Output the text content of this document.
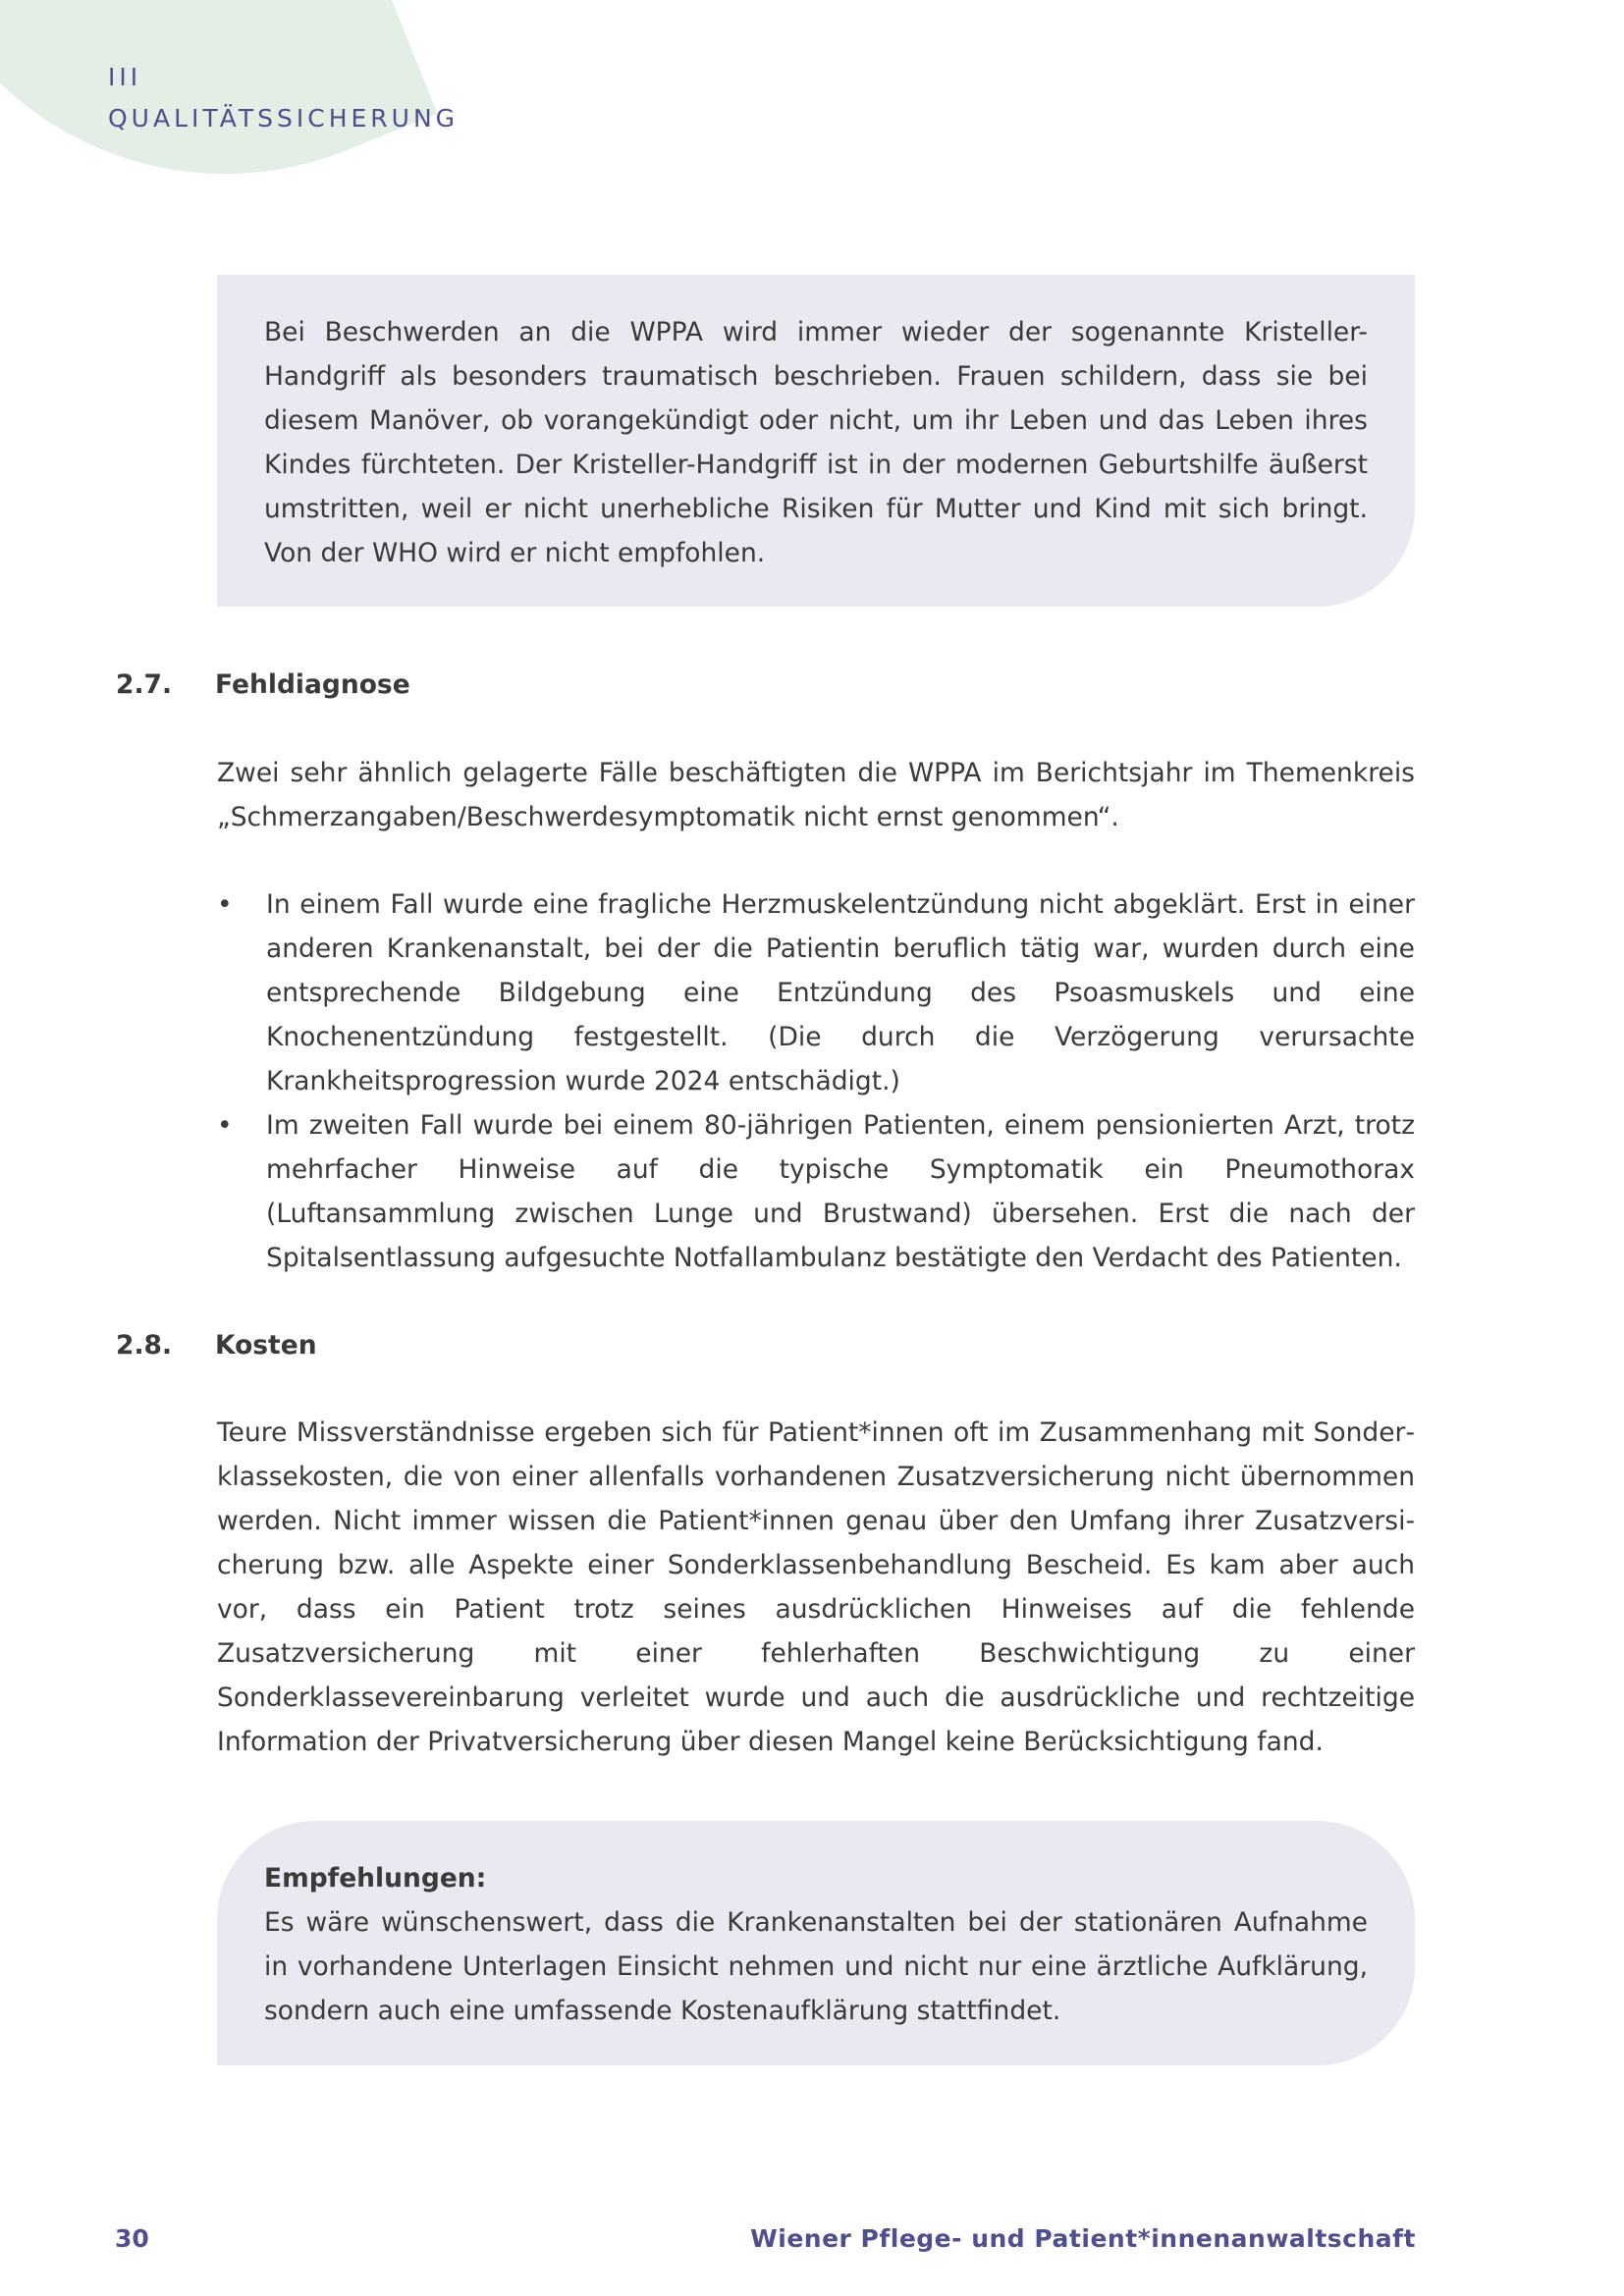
III
QUALITÄTSSICHERUNG

Bei Beschwerden an die WPPA wird immer wieder der sogenannte Kristeller-Handgriff als besonders traumatisch beschrieben. Frauen schildern, dass sie bei diesem Manöver, ob vorangekündigt oder nicht, um ihr Leben und das Leben ihres Kindes fürchteten. Der Kristeller-Handgriff ist in der modernen Geburtshilfe äußerst umstritten, weil er nicht unerhebliche Risiken für Mutter und Kind mit sich bringt. Von der WHO wird er nicht empfohlen.

2.7. Fehldiagnose

Zwei sehr ähnlich gelagerte Fälle beschäftigten die WPPA im Berichtsjahr im Themenkreis „Schmerzangaben/Beschwerdesymptomatik nicht ernst genommen“.

• In einem Fall wurde eine fragliche Herzmuskelentzündung nicht abgeklärt. Erst in einer anderen Krankenanstalt, bei der die Patientin beruflich tätig war, wurden durch eine entsprechende Bildgebung eine Entzündung des Psoasmuskels und eine Knochenentzündung festgestellt. (Die durch die Verzögerung verursachte Krankheitsprogression wurde 2024 entschädigt.)

• Im zweiten Fall wurde bei einem 80-jährigen Patienten, einem pensionierten Arzt, trotz mehrfacher Hinweise auf die typische Symptomatik ein Pneumothorax (Luftansammlung zwischen Lunge und Brustwand) übersehen. Erst die nach der Spitalsentlassung aufgesuchte Notfallambulanz bestätigte den Verdacht des Patienten.

2.8. Kosten

Teure Missverständnisse ergeben sich für Patient*innen oft im Zusammenhang mit Sonderklassekosten, die von einer allenfalls vorhandenen Zusatzversicherung nicht übernommen werden. Nicht immer wissen die Patient*innen genau über den Umfang ihrer Zusatzversicherung bzw. alle Aspekte einer Sonderklassenbehandlung Bescheid. Es kam aber auch vor, dass ein Patient trotz seines ausdrücklichen Hinweises auf die fehlende Zusatzversicherung mit einer fehlerhaften Beschwichtigung zu einer Sonderklassevereinbarung verleitet wurde und auch die ausdrückliche und rechtzeitige Information der Privatversicherung über diesen Mangel keine Berücksichtigung fand.

Empfehlungen:

Es wäre wünschenswert, dass die Krankenanstalten bei der stationären Aufnahme in vorhandene Unterlagen Einsicht nehmen und nicht nur eine ärztliche Aufklärung, sondern auch eine umfassende Kostenaufklärung stattfindet.

30	Wiener Pflege- und Patient*innenanwaltschaft
